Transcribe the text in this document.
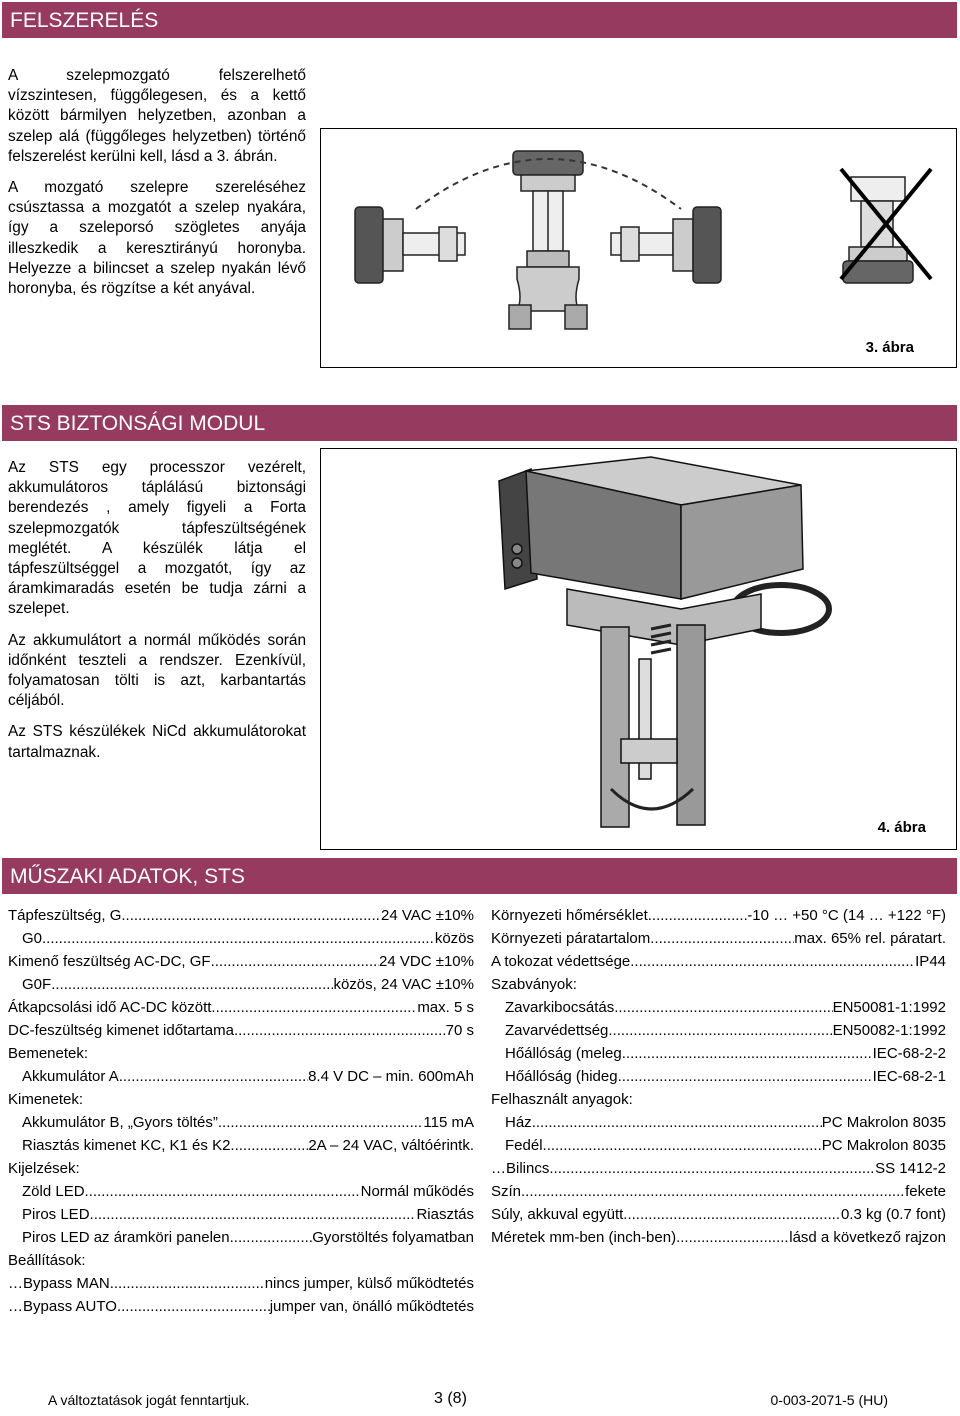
FELSZERELÉS

A szelepmozgató felszerelhető vízszintesen, függőlegesen, és a kettő között bármilyen helyzetben, azonban a szelep alá (függőleges helyzetben) történő felszerelést kerülni kell, lásd a 3. ábrán.

A mozgató szelepre szereléséhez csúsztassa a mozgatót a szelep nyakára, így a szeleporsó szögletes anyája illeszkedik a keresztirányú horonyba. Helyezze a bilincset a szelep nyakán lévő horonyba, és rögzítse a két anyával.

3. ábra
STS BIZTONSÁGI MODUL

Az STS egy processzor vezérelt, akkumulátoros táplálású biztonsági berendezés , amely figyeli a Forta szelepmozgatók tápfeszültségének meglétét. A készülék látja el tápfeszültséggel a mozgatót, így az áramkimaradás esetén be tudja zárni a szelepet.

Az akkumulátort a normál működés során időnként teszteli a rendszer. Ezenkívül, folyamatosan tölti is azt, karbantartás céljából.

Az STS készülékek NiCd akkumulátorokat tartalmaznak.

4. ábra
MŰSZAKI ADATOK, STS
Tápfeszültség, G .....	24 VAC ±10%
G0 .....	közös
Kimenő feszültség AC-DC, GF .....	24 VDC ±10%
G0F .....	közös, 24 VAC ±10%
Átkapcsolási idő AC-DC között .....	max. 5 s
DC-feszültség kimenet időtartama .....	70 s
Bemenetek:
Akkumulátor A .....	8.4 V DC – min. 600mAh
Kimenetek:
Akkumulátor B, „Gyors töltés” .....	115 mA
Riasztás kimenet KC, K1 és K2 .....	2A – 24 VAC, váltóérintk.
Kijelzések:
Zöld LED .....	Normál működés
Piros LED .....	Riasztás
Piros LED az áramköri panelen .....	Gyorstöltés folyamatban
Beállítások:
…Bypass MAN .....	nincs jumper, külső működtetés
…Bypass AUTO .....	jumper van, önálló működtetés
Környezeti hőmérséklet .....	-10 … +50 °C (14 … +122 °F)
Környezeti páratartalom .....	max. 65% rel. páratart.
A tokozat védettsége .....	IP44
Szabványok:
Zavarkibocsátás .....	EN50081-1:1992
Zavarvédettség .....	EN50082-1:1992
Hőállóság (meleg .....	IEC-68-2-2
Hőállóság (hideg .....	IEC-68-2-1
Felhasznált anyagok:
Ház .....	PC Makrolon 8035
Fedél .....	PC Makrolon 8035
…Bilincs .....	SS 1412-2
Szín .....	fekete
Súly, akkuval együtt .....	0.3 kg (0.7 font)
Méretek mm-ben (inch-ben) .....	lásd a következő rajzon
A változtatások jogát fenntartjuk.	3 (8)	0-003-2071-5 (HU)
